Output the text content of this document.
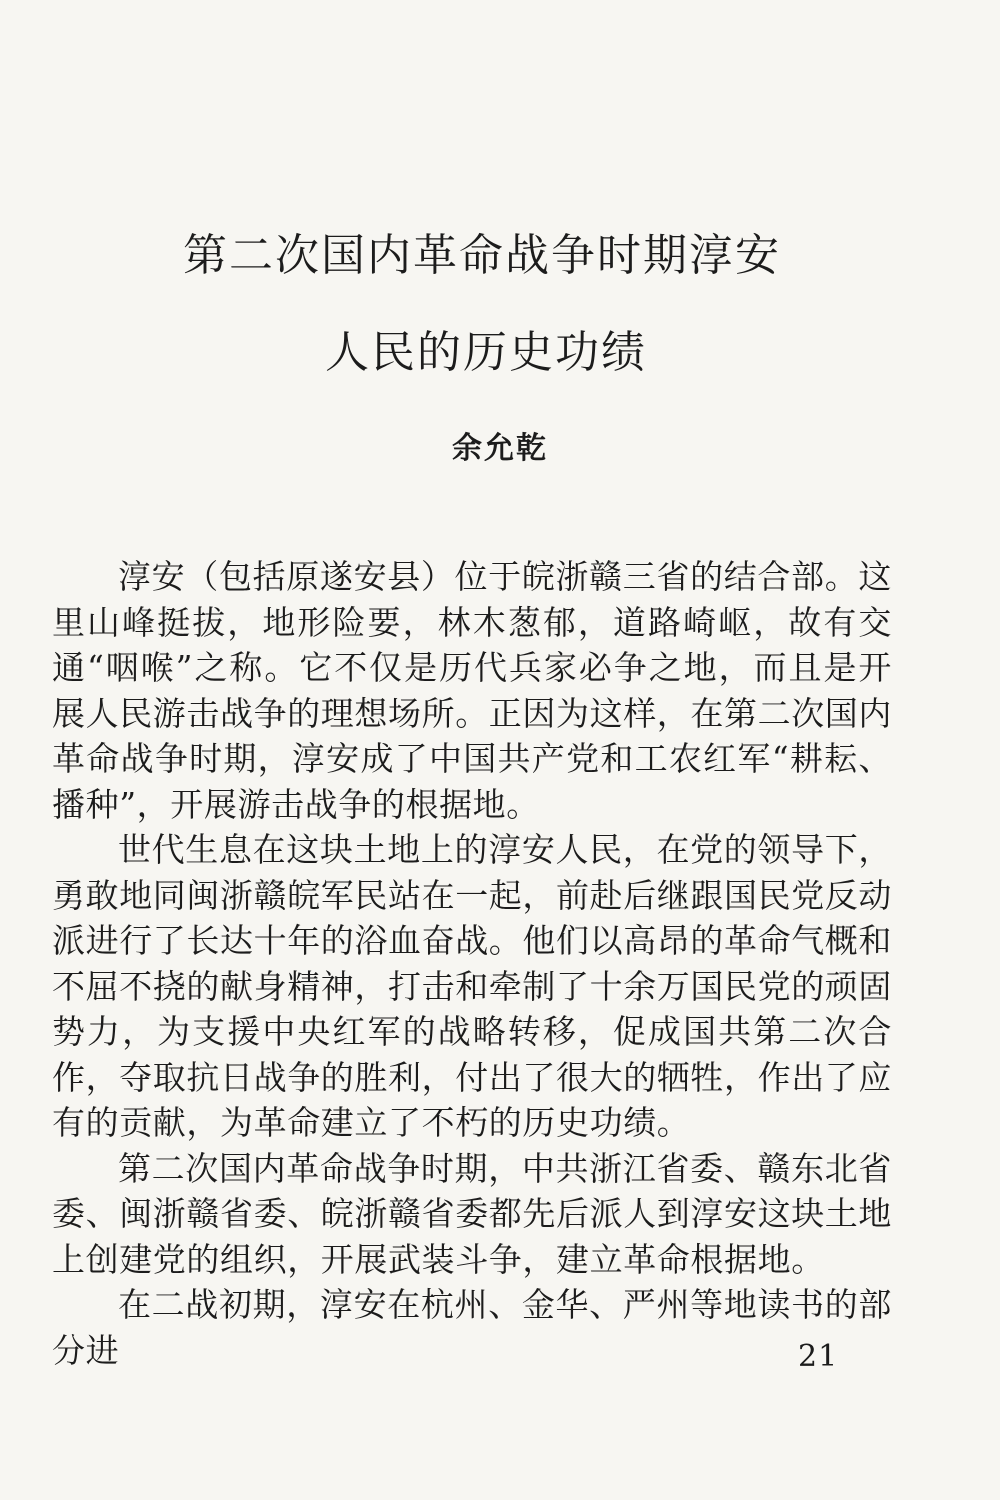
第二次国内革命战争时期淳安
人民的历史功绩
余允乾

淳安（包括原遂安县）位于皖浙赣三省的结合部。这里山峰挺拔，地形险要，林木葱郁，道路崎岖，故有交通“咽喉”之称。它不仅是历代兵家必争之地，而且是开展人民游击战争的理想场所。正因为这样，在第二次国内革命战争时期，淳安成了中国共产党和工农红军“耕耘、播种”，开展游击战争的根据地。

世代生息在这块土地上的淳安人民，在党的领导下，勇敢地同闽浙赣皖军民站在一起，前赴后继跟国民党反动派进行了长达十年的浴血奋战。他们以高昂的革命气概和不屈不挠的献身精神，打击和牵制了十余万国民党的顽固势力，为支援中央红军的战略转移，促成国共第二次合作，夺取抗日战争的胜利，付出了很大的牺牲，作出了应有的贡献，为革命建立了不朽的历史功绩。

第二次国内革命战争时期，中共浙江省委、赣东北省委、闽浙赣省委、皖浙赣省委都先后派人到淳安这块土地上创建党的组织，开展武装斗争，建立革命根据地。

在二战初期，淳安在杭州、金华、严州等地读书的部分进	21
